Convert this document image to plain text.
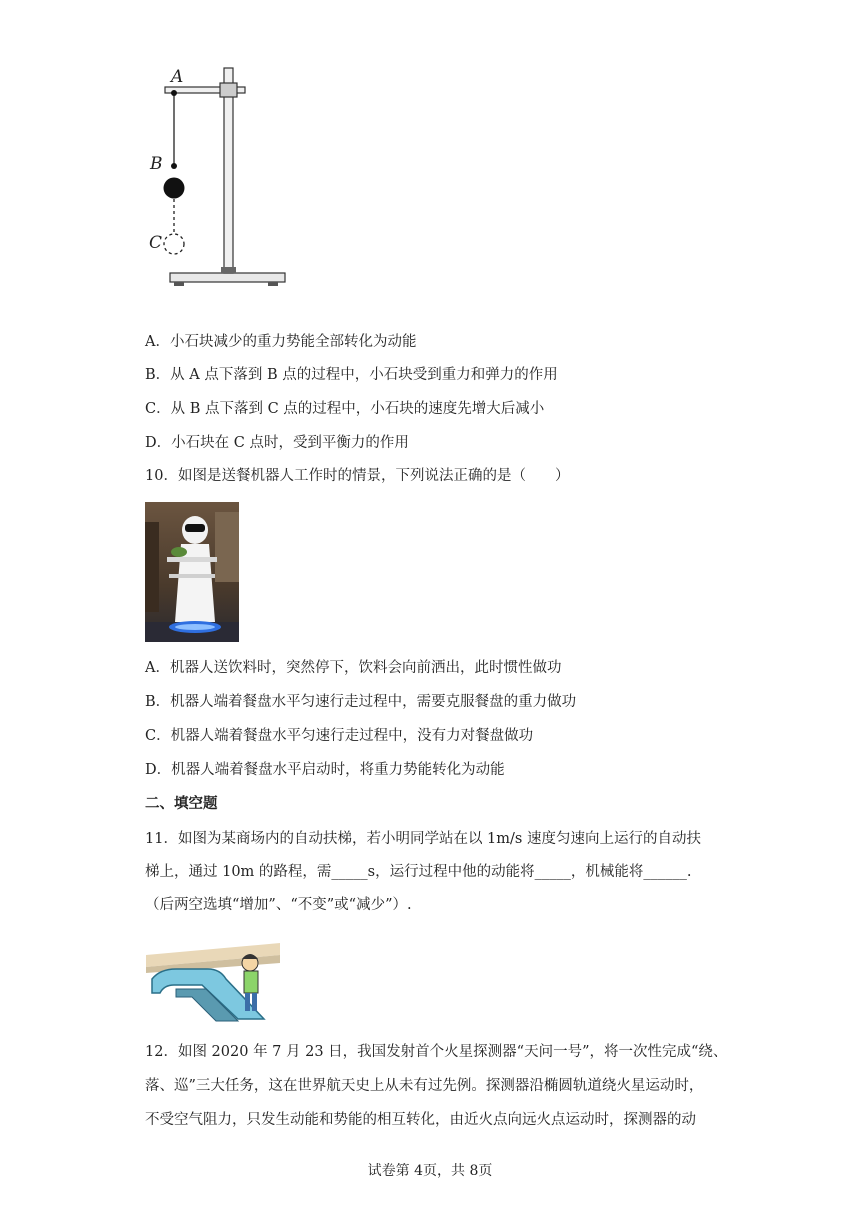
A
B
C
A．小石块减少的重力势能全部转化为动能
B．从 A 点下落到 B 点的过程中，小石块受到重力和弹力的作用
C．从 B 点下落到 C 点的过程中，小石块的速度先增大后减小
D．小石块在 C 点时，受到平衡力的作用
10．如图是送餐机器人工作时的情景，下列说法正确的是（　　）
A．机器人送饮料时，突然停下，饮料会向前洒出，此时惯性做功
B．机器人端着餐盘水平匀速行走过程中，需要克服餐盘的重力做功
C．机器人端着餐盘水平匀速行走过程中，没有力对餐盘做功
D．机器人端着餐盘水平启动时，将重力势能转化为动能
二、填空题
11．如图为某商场内的自动扶梯，若小明同学站在以 1m/s 速度匀速向上运行的自动扶
梯上，通过 10m 的路程，需_____s，运行过程中他的动能将_____，机械能将______.
（后两空选填“增加”、“不变”或“减少”）.
12．如图 2020 年 7 月 23 日，我国发射首个火星探测器“天问一号”，将一次性完成“绕、
落、巡”三大任务，这在世界航天史上从未有过先例。探测器沿椭圆轨道绕火星运动时，
不受空气阻力，只发生动能和势能的相互转化，由近火点向远火点运动时，探测器的动
试卷第 4页，共 8页
